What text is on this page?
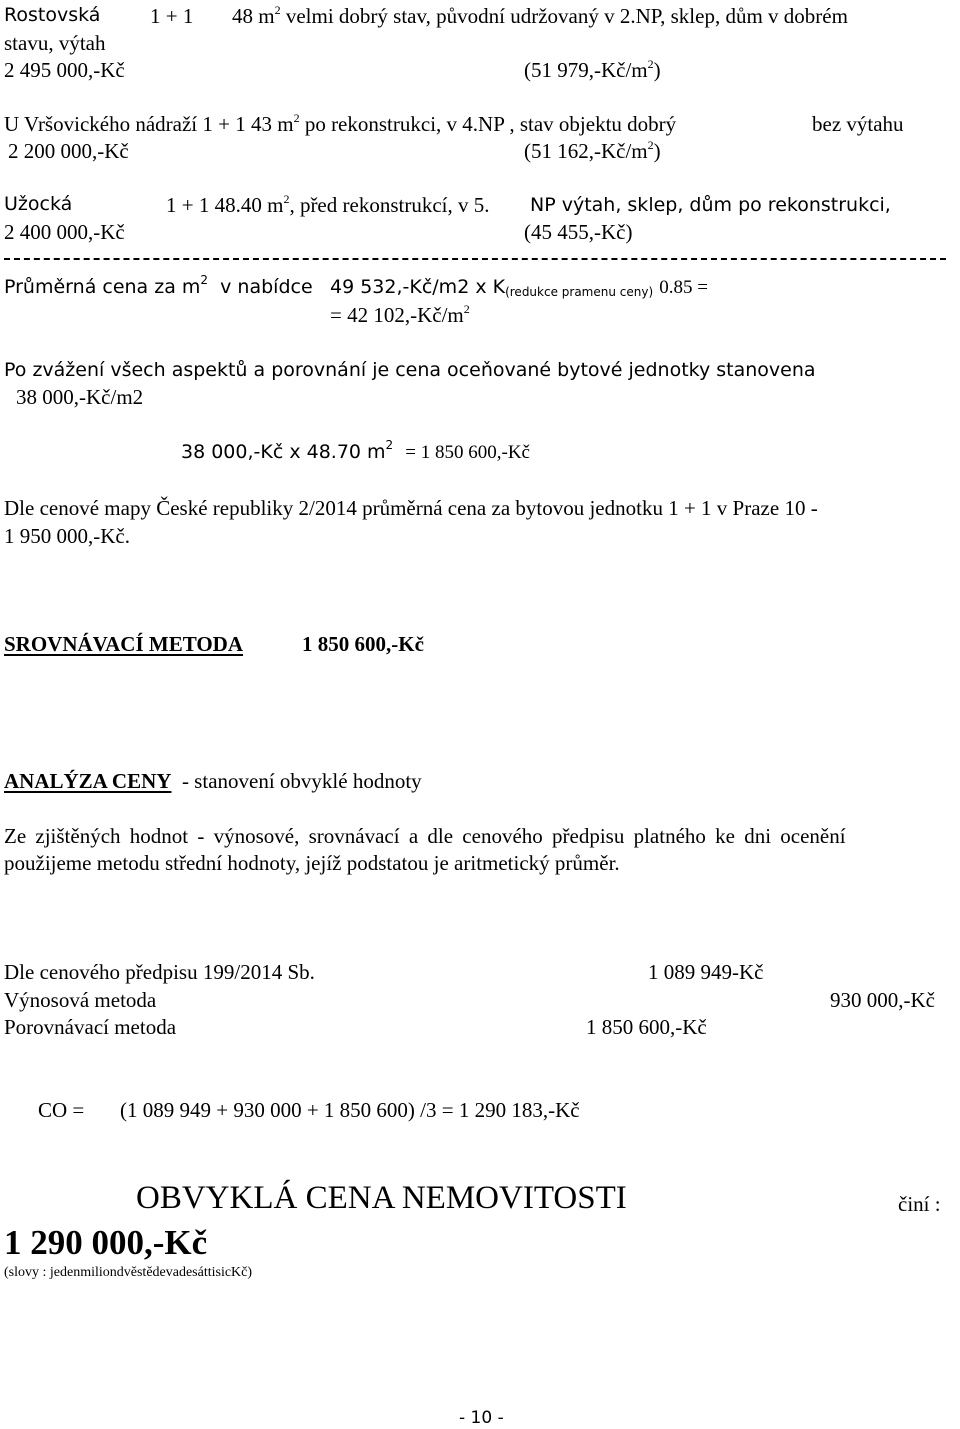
Rostovská 1 + 1 48 $m^2$ velmi dobrý stav, původní udržovaný v 2.NP, sklep, dům v dobrém
stavu, výtah
2 495 000,-Kč	(51 $979,-Kč/m^2$)
U Vršovického nádraží 1 + 1 43 $m^2$ po rekonstrukci, v 4.NP , stav objektu dobrý	bez výtahu
2 200 000,-Kč	(51 $162,-Kč/m^2$)
Užocká	1 + 1 48.40 $m^2$, před rekonstrukcí, v 5. NP výtah, sklep, dům po rekonstrukci,
2 400 000,-Kč	(45 455,-Kč)
Průměrná cena za $m^2$ v nabídce 49 532,-Kč/m2 x $K_{(redukce pramenu ceny)}$ 0.85 =
= 42 $102,-Kč/m^2$
Po zvážení všech aspektů a porovnání je cena oceňované bytové jednotky stanovena
38 000,-Kč/m2
38 000,-Kč x 48.70 $m^2 = 1$ 850 600,-Kč
Dle cenové mapy České republiky 2/2014 průměrná cena za bytovou jednotku 1 + 1 v Praze 10 -
1 950 000,-Kč.
SROVNÁVACÍ METODA	1 850 600,-Kč
ANALÝZA CENY - stanovení obvyklé hodnoty
Ze zjištěných hodnot - výnosové, srovnávací a dle cenového předpisu platného ke dni ocenění
použijeme metodu střední hodnoty, jejíž podstatou je aritmetický průměr.
Dle cenového předpisu 199/2014 Sb.	1 089 949-Kč
Výnosová metoda	930 000,-Kč
Porovnávací metoda	1 850 600,-Kč
CO = (1 089 949 + 930 000 + 1 850 600) /3 = 1 290 183,-Kč
OBVYKLÁ CENA NEMOVITOSTI	činí :
1 290 000,-Kč
(slovy : jedenmiliondvěstědevadesáttisicKč)
- 10 -
